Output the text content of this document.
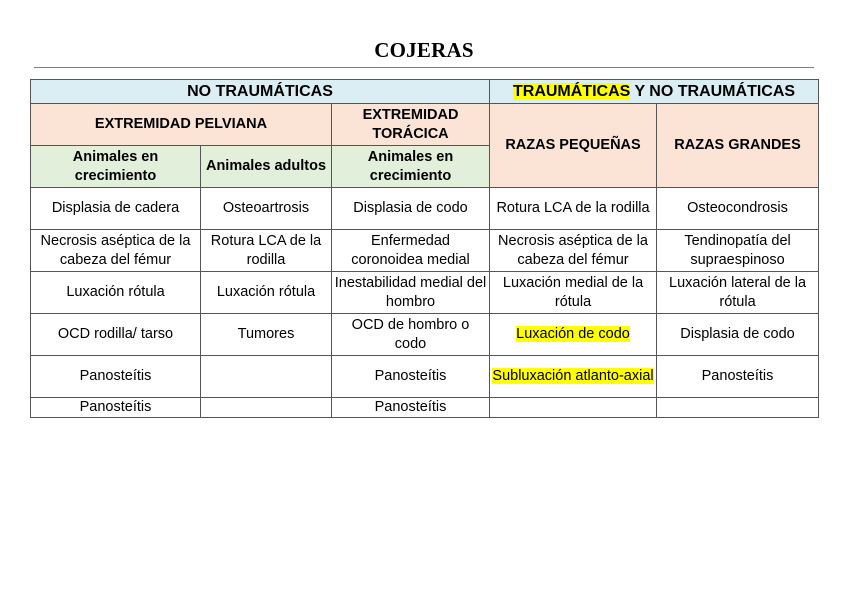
COJERAS
NO TRAUMÁTICAS			TRAUMÁTICAS Y NO TRAUMÁTICAS	
EXTREMIDAD PELVIANA		EXTREMIDAD TORÁCICA	RAZAS PEQUEÑAS	RAZAS GRANDES
Animales en crecimiento	Animales adultos	Animales en crecimiento		
Displasia de cadera	Osteoartrosis	Displasia de codo	Rotura LCA de la rodilla	Osteocondrosis
Necrosis aséptica de la cabeza del fémur	Rotura LCA de la rodilla	Enfermedad coronoidea medial	Necrosis aséptica de la cabeza del fémur	Tendinopatía del supraespinoso
Luxación rótula	Luxación rótula	Inestabilidad medial del hombro	Luxación medial de la rótula	Luxación lateral de la rótula
OCD rodilla/ tarso	Tumores	OCD de hombro o codo	Luxación de codo	Displasia de codo
Panosteítis		Panosteítis	Subluxación atlanto-axial	Panosteítis
Panosteítis		Panosteítis		
